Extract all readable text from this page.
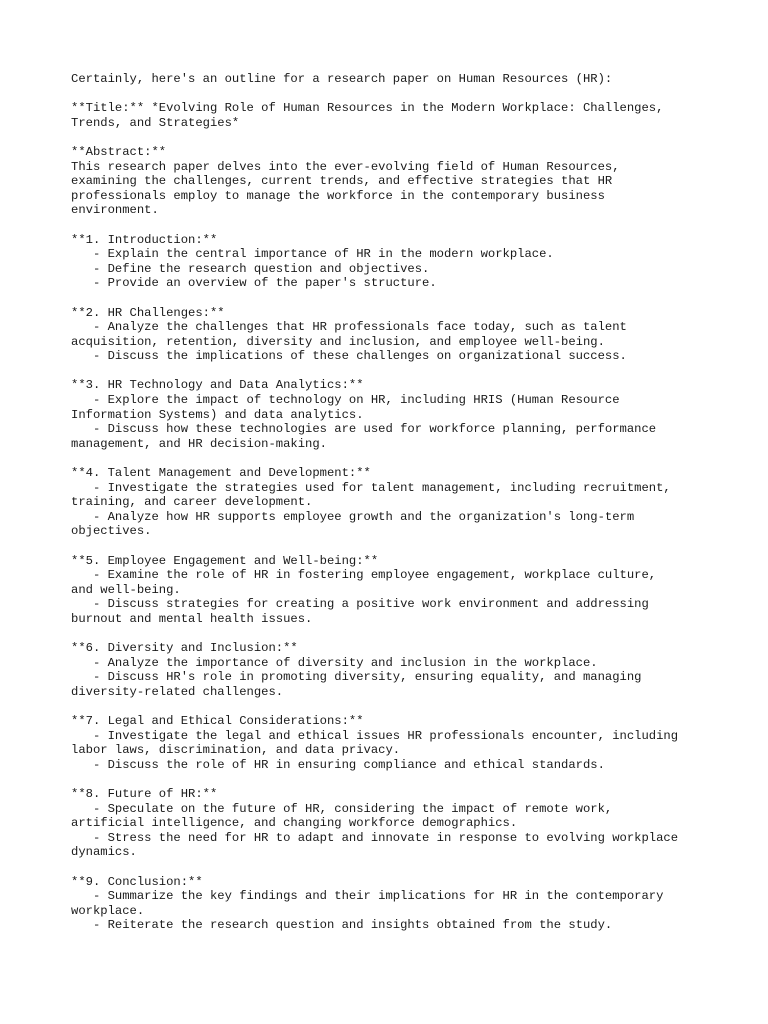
Certainly, here's an outline for a research paper on Human Resources (HR):
**Title:** *Evolving Role of Human Resources in the Modern Workplace: Challenges,
Trends, and Strategies*
**Abstract:**
This research paper delves into the ever-evolving field of Human Resources,
examining the challenges, current trends, and effective strategies that HR
professionals employ to manage the workforce in the contemporary business
environment.
**1. Introduction:**
- Explain the central importance of HR in the modern workplace.
- Define the research question and objectives.
- Provide an overview of the paper's structure.
**2. HR Challenges:**
- Analyze the challenges that HR professionals face today, such as talent
acquisition, retention, diversity and inclusion, and employee well-being.
- Discuss the implications of these challenges on organizational success.
**3. HR Technology and Data Analytics:**
- Explore the impact of technology on HR, including HRIS (Human Resource
Information Systems) and data analytics.
- Discuss how these technologies are used for workforce planning, performance
management, and HR decision-making.
**4. Talent Management and Development:**
- Investigate the strategies used for talent management, including recruitment,
training, and career development.
- Analyze how HR supports employee growth and the organization's long-term
objectives.
**5. Employee Engagement and Well-being:**
- Examine the role of HR in fostering employee engagement, workplace culture,
and well-being.
- Discuss strategies for creating a positive work environment and addressing
burnout and mental health issues.
**6. Diversity and Inclusion:**
- Analyze the importance of diversity and inclusion in the workplace.
- Discuss HR's role in promoting diversity, ensuring equality, and managing
diversity-related challenges.
**7. Legal and Ethical Considerations:**
- Investigate the legal and ethical issues HR professionals encounter, including
labor laws, discrimination, and data privacy.
- Discuss the role of HR in ensuring compliance and ethical standards.
**8. Future of HR:**
- Speculate on the future of HR, considering the impact of remote work,
artificial intelligence, and changing workforce demographics.
- Stress the need for HR to adapt and innovate in response to evolving workplace
dynamics.
**9. Conclusion:**
- Summarize the key findings and their implications for HR in the contemporary
workplace.
- Reiterate the research question and insights obtained from the study.
